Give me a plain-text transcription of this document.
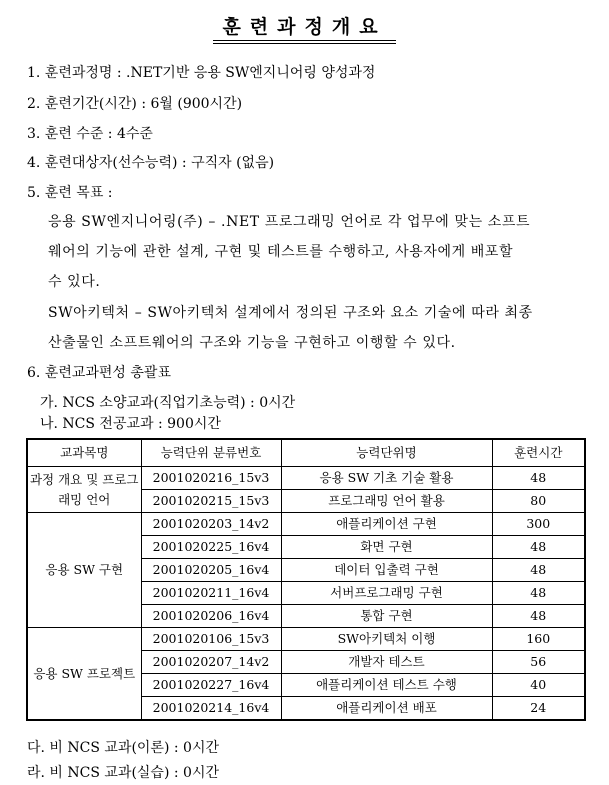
훈련과정개요
1. 훈련과정명 : .NET기반 응용 SW엔지니어링 양성과정
2. 훈련기간(시간) : 6월 (900시간)
3. 훈련 수준 : 4수준
4. 훈련대상자(선수능력) : 구직자 (없음)
5. 훈련 목표 :
응용 SW엔지니어링(주) – .NET 프로그래밍 언어로 각 업무에 맞는 소프트
웨어의 기능에 관한 설계, 구현 및 테스트를 수행하고, 사용자에게 배포할
수 있다.
SW아키텍처 – SW아키텍처 설계에서 정의된 구조와 요소 기술에 따라 최종
산출물인 소프트웨어의 구조와 기능을 구현하고 이행할 수 있다.
6. 훈련교과편성 총괄표
가. NCS 소양교과(직업기초능력) : 0시간
나. NCS 전공교과 : 900시간
교과목명	능력단위 분류번호	능력단위명	훈련시간
과정 개요 및 프로그래밍 언어	2001020216_15v3	응용 SW 기초 기술 활용	48
	2001020215_15v3	프로그래밍 언어 활용	80
응용 SW 구현	2001020203_14v2	애플리케이션 구현	300
	2001020225_16v4	화면 구현	48
	2001020205_16v4	데이터 입출력 구현	48
	2001020211_16v4	서버프로그래밍 구현	48
	2001020206_16v4	통합 구현	48
응용 SW 프로젝트	2001020106_15v3	SW아키텍처 이행	160
	2001020207_14v2	개발자 테스트	56
	2001020227_16v4	애플리케이션 테스트 수행	40
	2001020214_16v4	애플리케이션 배포	24
다. 비 NCS 교과(이론) : 0시간
라. 비 NCS 교과(실습) : 0시간
